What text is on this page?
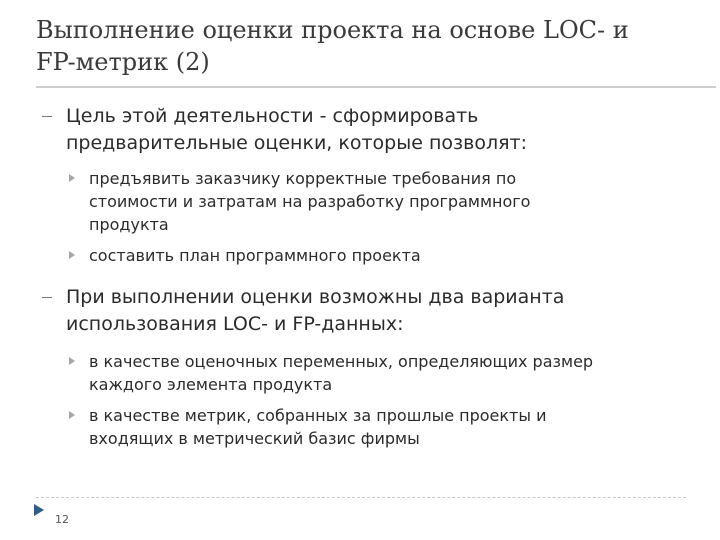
Выполнение оценки проекта на основе LOC- и
FP-метрик (2)
Цель этой деятельности - сформировать
предварительные оценки, которые позволят:
предъявить заказчику корректные требования по
стоимости и затратам на разработку программного
продукта
составить план программного проекта
При выполнении оценки возможны два варианта
использования LOC- и FP-данных:
в качестве оценочных переменных, определяющих размер
каждого элемента продукта
в качестве метрик, собранных за прошлые проекты и
входящих в метрический базис фирмы
12
